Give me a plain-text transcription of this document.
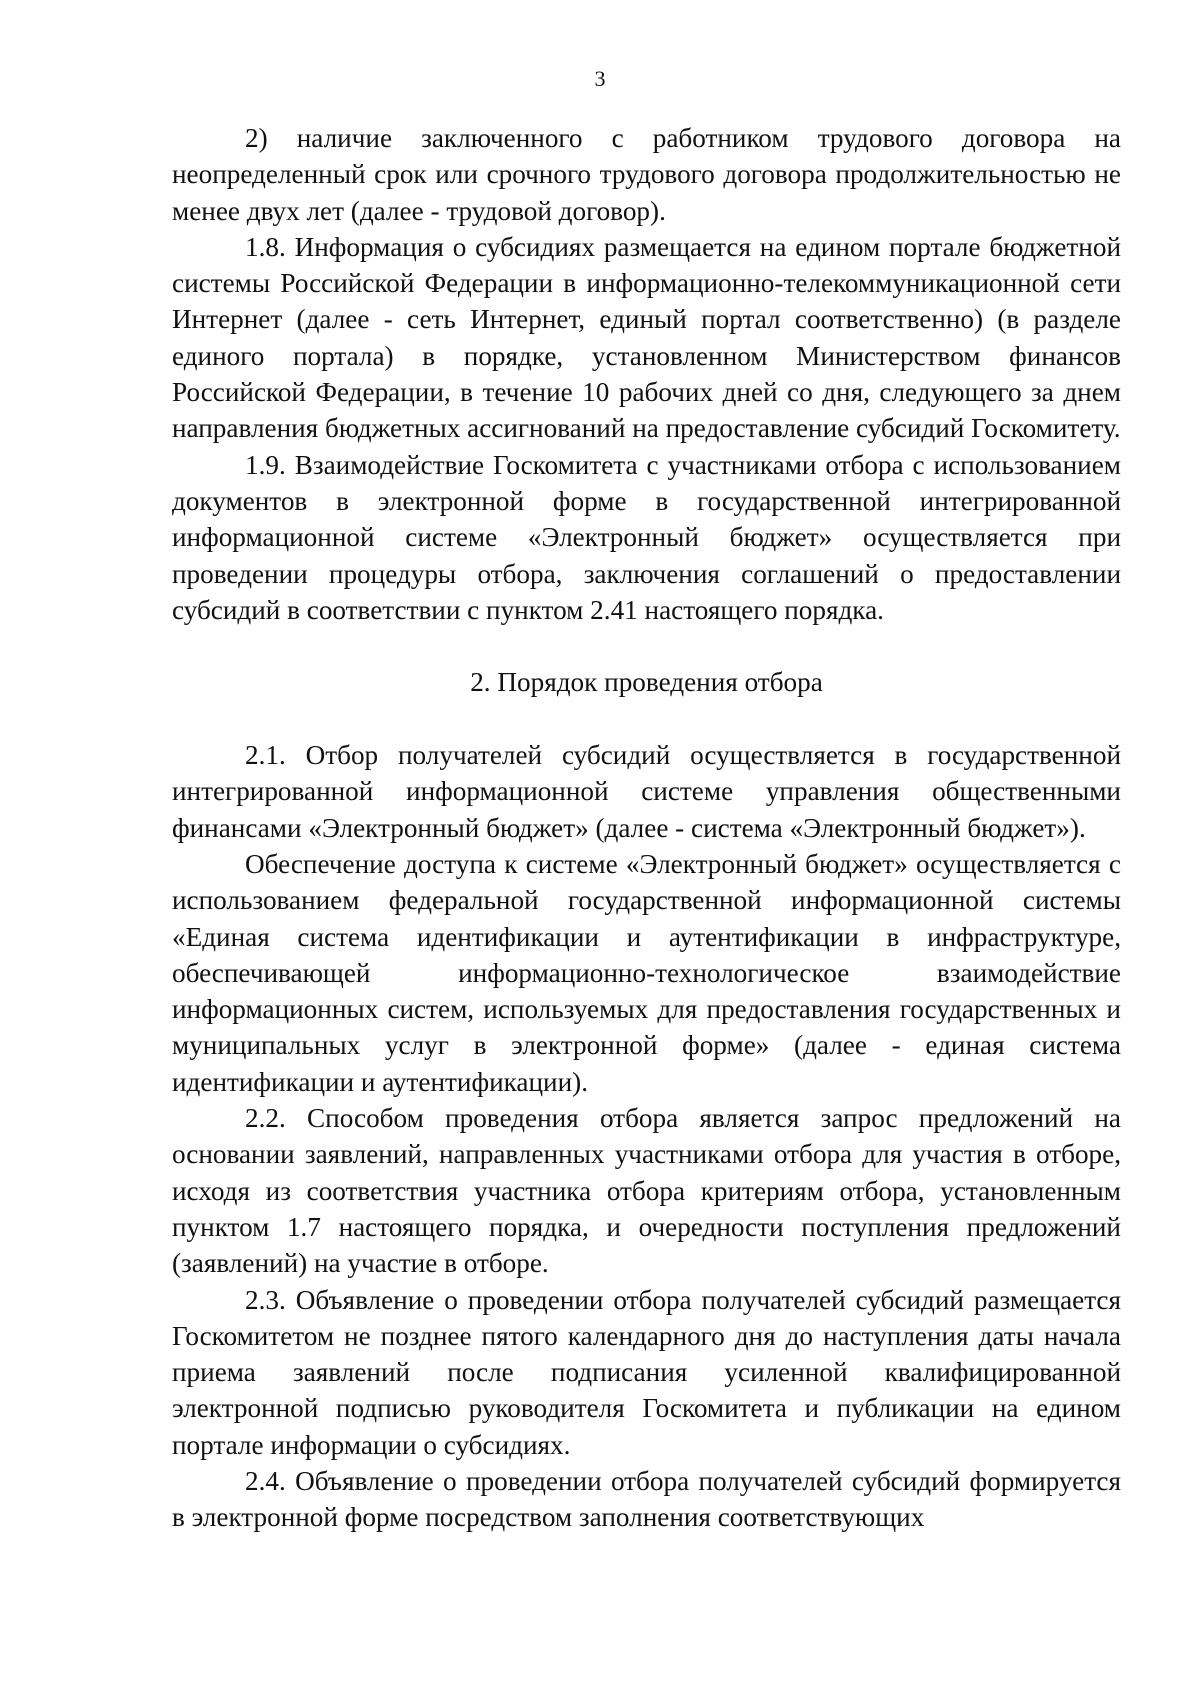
3

2) наличие заключенного с работником трудового договора на неопределенный срок или срочного трудового договора продолжительностью не менее двух лет (далее - трудовой договор).

1.8. Информация о субсидиях размещается на едином портале бюджетной системы Российской Федерации в информационно-телекоммуникационной сети Интернет (далее - сеть Интернет, единый портал соответственно) (в разделе единого портала) в порядке, установленном Министерством финансов Российской Федерации, в течение 10 рабочих дней со дня, следующего за днем направления бюджетных ассигнований на предоставление субсидий Госкомитету.

1.9. Взаимодействие Госкомитета с участниками отбора с использованием документов в электронной форме в государственной интегрированной информационной системе «Электронный бюджет» осуществляется при проведении процедуры отбора, заключения соглашений о предоставлении субсидий в соответствии с пунктом 2.41 настоящего порядка.

2. Порядок проведения отбора

2.1. Отбор получателей субсидий осуществляется в государственной интегрированной информационной системе управления общественными финансами «Электронный бюджет» (далее - система «Электронный бюджет»).

Обеспечение доступа к системе «Электронный бюджет» осуществляется с использованием федеральной государственной информационной системы «Единая система идентификации и аутентификации в инфраструктуре, обеспечивающей информационно-технологическое взаимодействие информационных систем, используемых для предоставления государственных и муниципальных услуг в электронной форме» (далее - единая система идентификации и аутентификации).

2.2. Способом проведения отбора является запрос предложений на основании заявлений, направленных участниками отбора для участия в отборе, исходя из соответствия участника отбора критериям отбора, установленным пунктом 1.7 настоящего порядка, и очередности поступления предложений (заявлений) на участие в отборе.

2.3. Объявление о проведении отбора получателей субсидий размещается Госкомитетом не позднее пятого календарного дня до наступления даты начала приема заявлений после подписания усиленной квалифицированной электронной подписью руководителя Госкомитета и публикации на едином портале информации о субсидиях.

2.4. Объявление о проведении отбора получателей субсидий формируется в электронной форме посредством заполнения соответствующих
